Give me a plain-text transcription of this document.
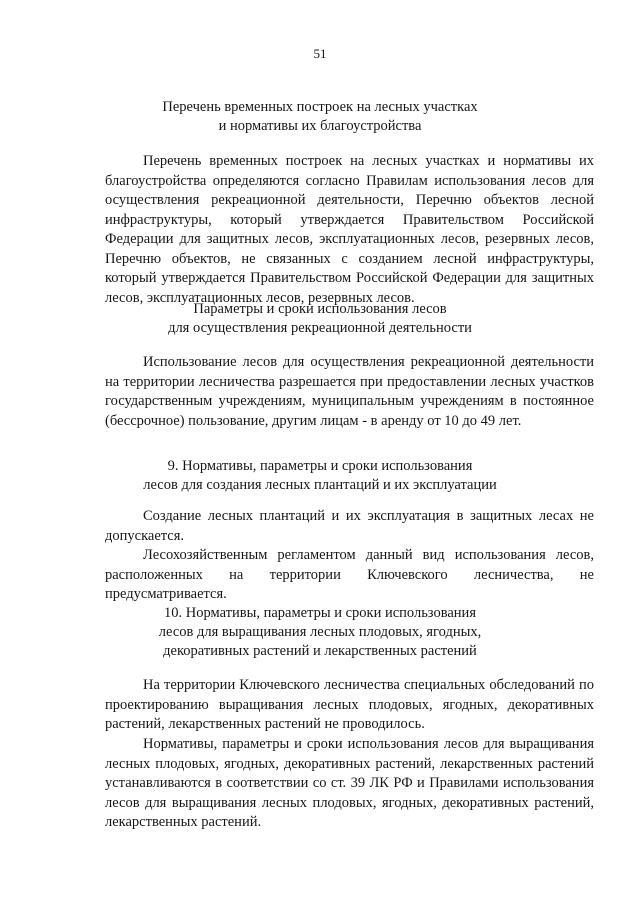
51
Перечень временных построек на лесных участках
и нормативы их благоустройства

Перечень временных построек на лесных участках и нормативы их благоустройства определяются согласно Правилам использования лесов для осуществления рекреационной деятельности, Перечню объектов лесной инфраструктуры, который утверждается Правительством Российской Федерации для защитных лесов, эксплуатационных лесов, резервных лесов, Перечню объектов, не связанных с созданием лесной инфраструктуры, который утверждается Правительством Российской Федерации для защитных лесов, эксплуатационных лесов, резервных лесов.

Параметры и сроки использования лесов
для осуществления рекреационной деятельности

Использование лесов для осуществления рекреационной деятельности на территории лесничества разрешается при предоставлении лесных участков государственным учреждениям, муниципальным учреждениям в постоянное (бессрочное) пользование, другим лицам - в аренду от 10 до 49 лет.

9. Нормативы, параметры и сроки использования
лесов для создания лесных плантаций и их эксплуатации

Создание лесных плантаций и их эксплуатация в защитных лесах не допускается.

Лесохозяйственным регламентом данный вид использования лесов, расположенных на территории Ключевского лесничества, не предусматривается.

10. Нормативы, параметры и сроки использования
лесов для выращивания лесных плодовых, ягодных,
декоративных растений и лекарственных растений

На территории Ключевского лесничества специальных обследований по проектированию выращивания лесных плодовых, ягодных, декоративных растений, лекарственных растений не проводилось.

Нормативы, параметры и сроки использования лесов для выращивания лесных плодовых, ягодных, декоративных растений, лекарственных растений устанавливаются в соответствии со ст. 39 ЛК РФ и Правилами использования лесов для выращивания лесных плодовых, ягодных, декоративных растений, лекарственных растений.
